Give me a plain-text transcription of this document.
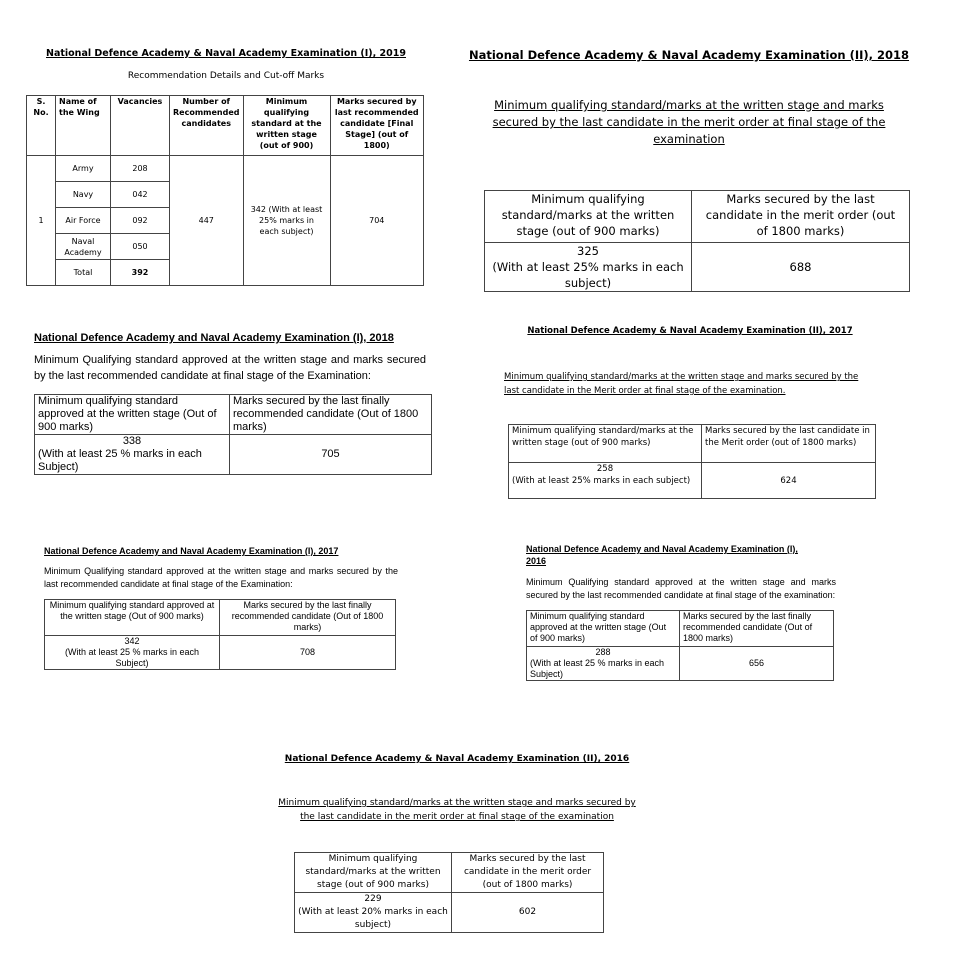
National Defence Academy & Naval Academy Examination (I), 2019
Recommendation Details and Cut-off Marks
S. No.	Name of the Wing	Vacancies	Number of Recommended candidates	Minimum qualifying standard at the written stage (out of 900)	Marks secured by last recommended candidate [Final Stage] (out of 1800)
1	Army	208	447	342 (With at least 25% marks in each subject)	704
	Navy	042			
	Air Force	092			
	Naval Academy	050			
	Total	392			
National Defence Academy & Naval Academy Examination (II), 2018
Minimum qualifying standard/marks at the written stage and marks secured by the last candidate in the merit order at final stage of the examination
Minimum qualifying standard/marks at the written stage (out of 900 marks)	Marks secured by the last candidate in the merit order (out of 1800 marks)

325
(With at least 25% marks in each subject)	688
National Defence Academy and Naval Academy Examination (I), 2018
Minimum Qualifying standard approved at the written stage and marks secured by the last recommended candidate at final stage of the Examination:
Minimum qualifying standard approved at the written stage (Out of 900 marks)	Marks secured by the last finally recommended candidate (Out of 1800 marks)

338
(With at least 25 % marks in each Subject)	705
National Defence Academy & Naval Academy Examination (II), 2017
Minimum qualifying standard/marks at the written stage and marks secured by the last candidate in the Merit order at final stage of the examination.
Minimum qualifying standard/marks at the written stage (out of 900 marks)	Marks secured by the last candidate in the Merit order (out of 1800 marks)

258
(With at least 25% marks in each subject)	624
National Defence Academy and Naval Academy Examination (I), 2017
Minimum Qualifying standard approved at the written stage and marks secured by the last recommended candidate at final stage of the Examination:
Minimum qualifying standard approved at the written stage (Out of 900 marks)	Marks secured by the last finally recommended candidate (Out of 1800 marks)

342
(With at least 25 % marks in each Subject)	708
National Defence Academy and Naval Academy Examination (I), 2016
Minimum Qualifying standard approved at the written stage and marks secured by the last recommended candidate at final stage of the examination:
Minimum qualifying standard approved at the written stage (Out of 900 marks)	Marks secured by the last finally recommended candidate (Out of 1800 marks)

288
(With at least 25 % marks in each Subject)	656
National Defence Academy & Naval Academy Examination (II), 2016
Minimum qualifying standard/marks at the written stage and marks secured by the last candidate in the merit order at final stage of the examination
Minimum qualifying standard/marks at the written stage (out of 900 marks)	Marks secured by the last candidate in the merit order (out of 1800 marks)

229
(With at least 20% marks in each subject)	602
